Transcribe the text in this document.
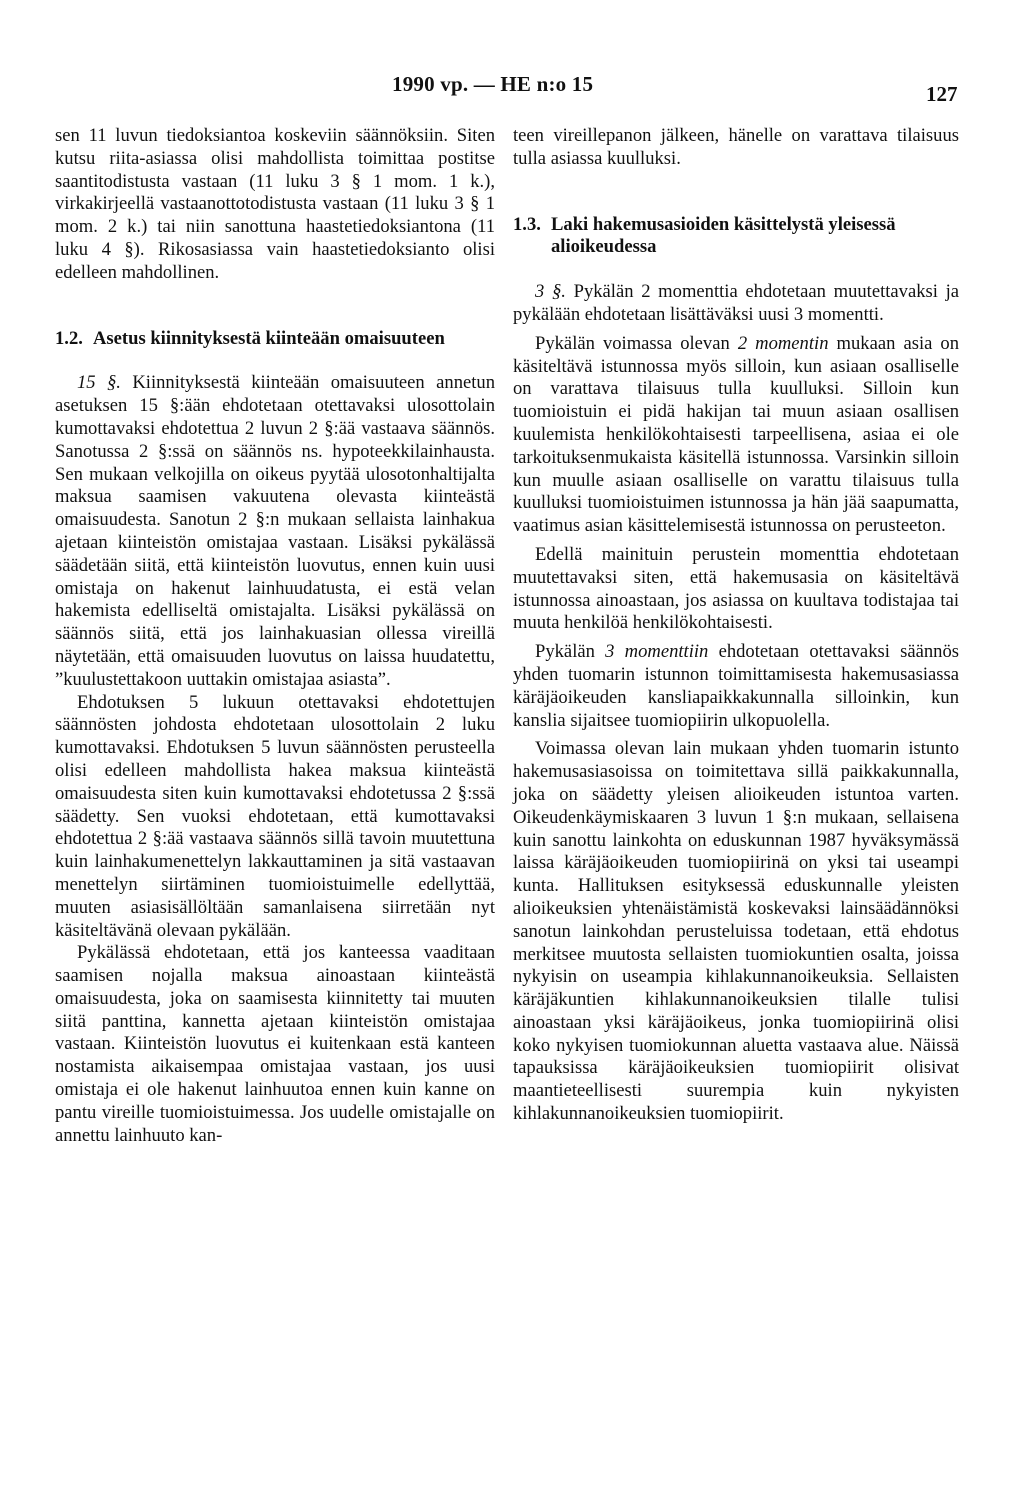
1990 vp. — HE n:o 15	127

sen 11 luvun tiedoksiantoa koskeviin säännöksiin. Siten kutsu riita-asiassa olisi mahdollista toimittaa postitse saantitodistusta vastaan (11 luku 3 § 1 mom. 1 k.), virkakirjeellä vastaanottotodistusta vastaan (11 luku 3 § 1 mom. 2 k.) tai niin sanottuna haastetiedoksiantona (11 luku 4 §). Rikosasiassa vain haastetiedoksianto olisi edelleen mahdollinen.

1.2. Asetus kiinnityksestä kiinteään omaisuuteen

15 §. Kiinnityksestä kiinteään omaisuuteen annetun asetuksen 15 §:ään ehdotetaan otettavaksi ulosottolain kumottavaksi ehdotettua 2 luvun 2 §:ää vastaava säännös. Sanotussa 2 §:ssä on säännös ns. hypoteekkilainhausta. Sen mukaan velkojilla on oikeus pyytää ulosotonhaltijalta maksua saamisen vakuutena olevasta kiinteästä omaisuudesta. Sanotun 2 §:n mukaan sellaista lainhakua ajetaan kiinteistön omistajaa vastaan. Lisäksi pykälässä säädetään siitä, että kiinteistön luovutus, ennen kuin uusi omistaja on hakenut lainhuudatusta, ei estä velan hakemista edelliseltä omistajalta. Lisäksi pykälässä on säännös siitä, että jos lainhakuasian ollessa vireillä näytetään, että omaisuuden luovutus on laissa huudatettu, ”kuulustettakoon uuttakin omistajaa asiasta”.

Ehdotuksen 5 lukuun otettavaksi ehdotettujen säännösten johdosta ehdotetaan ulosottolain 2 luku kumottavaksi. Ehdotuksen 5 luvun säännösten perusteella olisi edelleen mahdollista hakea maksua kiinteästä omaisuudesta siten kuin kumottavaksi ehdotetussa 2 §:ssä säädetty. Sen vuoksi ehdotetaan, että kumottavaksi ehdotettua 2 §:ää vastaava säännös sillä tavoin muutettuna kuin lainhakumenettelyn lakkauttaminen ja sitä vastaavan menettelyn siirtäminen tuomioistuimelle edellyttää, muuten asiasisällöltään samanlaisena siirretään nyt käsiteltävänä olevaan pykälään.

Pykälässä ehdotetaan, että jos kanteessa vaaditaan saamisen nojalla maksua ainoastaan kiinteästä omaisuudesta, joka on saamisesta kiinnitetty tai muuten siitä panttina, kannetta ajetaan kiinteistön omistajaa vastaan. Kiinteistön luovutus ei kuitenkaan estä kanteen nostamista aikaisempaa omistajaa vastaan, jos uusi omistaja ei ole hakenut lainhuutoa ennen kuin kanne on pantu vireille tuomioistuimessa. Jos uudelle omistajalle on annettu lainhuuto kan-

teen vireillepanon jälkeen, hänelle on varattava tilaisuus tulla asiassa kuulluksi.

1.3. Laki hakemusasioiden käsittelystä yleisessä alioikeudessa

3 §. Pykälän 2 momenttia ehdotetaan muutettavaksi ja pykälään ehdotetaan lisättäväksi uusi 3 momentti.

Pykälän voimassa olevan 2 momentin mukaan asia on käsiteltävä istunnossa myös silloin, kun asiaan osalliselle on varattava tilaisuus tulla kuulluksi. Silloin kun tuomioistuin ei pidä hakijan tai muun asiaan osallisen kuulemista henkilökohtaisesti tarpeellisena, asiaa ei ole tarkoituksenmukaista käsitellä istunnossa. Varsinkin silloin kun muulle asiaan osalliselle on varattu tilaisuus tulla kuulluksi tuomioistuimen istunnossa ja hän jää saapumatta, vaatimus asian käsittelemisestä istunnossa on perusteeton.

Edellä mainituin perustein momenttia ehdotetaan muutettavaksi siten, että hakemusasia on käsiteltävä istunnossa ainoastaan, jos asiassa on kuultava todistajaa tai muuta henkilöä henkilökohtaisesti.

Pykälän 3 momenttiin ehdotetaan otettavaksi säännös yhden tuomarin istunnon toimittamisesta hakemusasiassa käräjäoikeuden kansliapaikkakunnalla silloinkin, kun kanslia sijaitsee tuomiopiirin ulkopuolella.

Voimassa olevan lain mukaan yhden tuomarin istunto hakemusasiasoissa on toimitettava sillä paikkakunnalla, joka on säädetty yleisen alioikeuden istuntoa varten. Oikeudenkäymiskaaren 3 luvun 1 §:n mukaan, sellaisena kuin sanottu lainkohta on eduskunnan 1987 hyväksymässä laissa käräjäoikeuden tuomiopiirinä on yksi tai useampi kunta. Hallituksen esityksessä eduskunnalle yleisten alioikeuksien yhtenäistämistä koskevaksi lainsäädännöksi sanotun lainkohdan perusteluissa todetaan, että ehdotus merkitsee muutosta sellaisten tuomiokuntien osalta, joissa nykyisin on useampia kihlakunnanoikeuksia. Sellaisten käräjäkuntien kihlakunnanoikeuksien tilalle tulisi ainoastaan yksi käräjäoikeus, jonka tuomiopiirinä olisi koko nykyisen tuomiokunnan aluetta vastaava alue. Näissä tapauksissa käräjäoikeuksien tuomiopiirit olisivat maantieteellisesti suurempia kuin nykyisten kihlakunnanoikeuksien tuomiopiirit.
